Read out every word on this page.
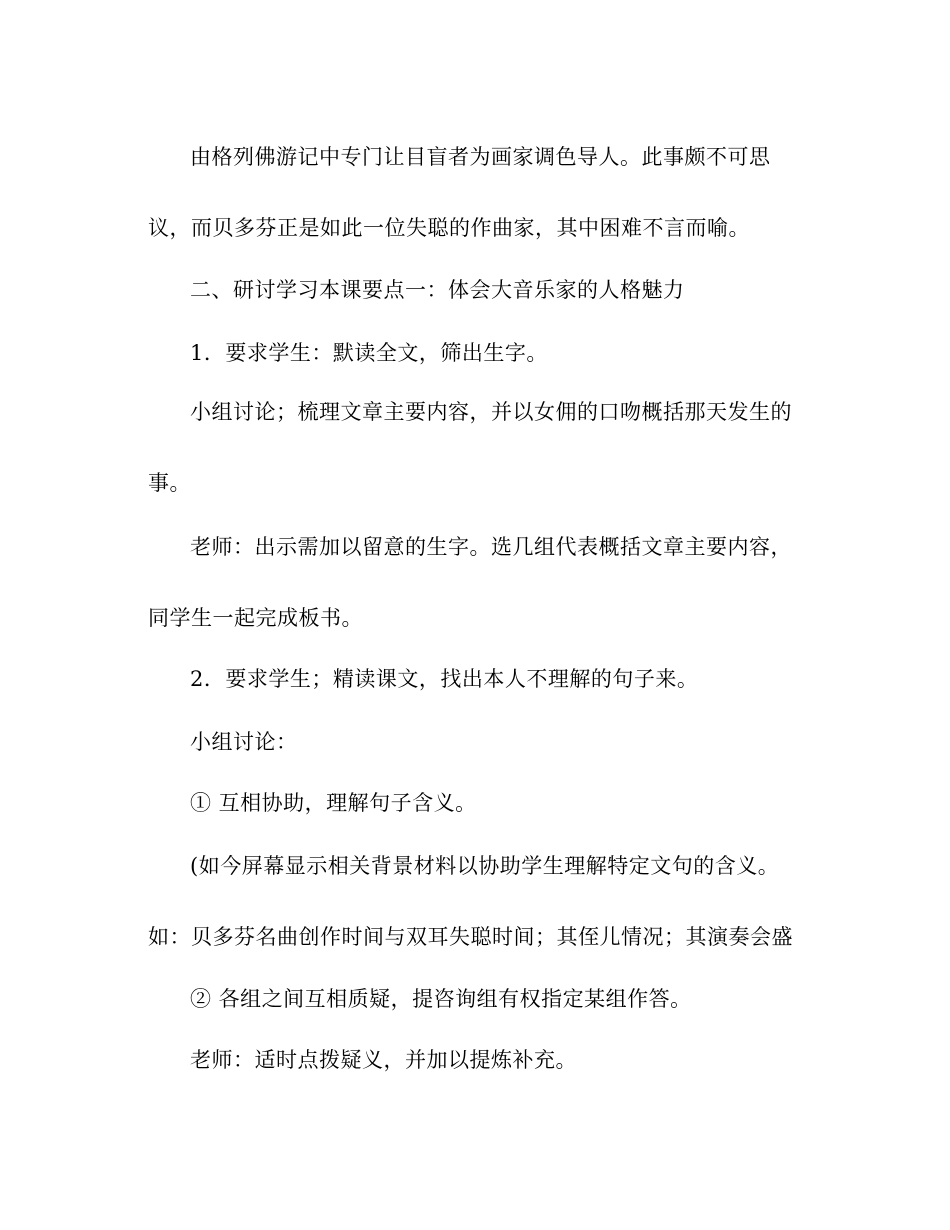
由格列佛游记中专门让目盲者为画家调色导人。此事颇不可思
议，而贝多芬正是如此一位失聪的作曲家，其中困难不言而喻。
二、研讨学习本课要点一：体会大音乐家的人格魅力
1．要求学生：默读全文，筛出生字。
小组讨论；梳理文章主要内容，并以女佣的口吻概括那天发生的
事。
老师：出示需加以留意的生字。选几组代表概括文章主要内容，
同学生一起完成板书。
2．要求学生；精读课文，找出本人不理解的句子来。
小组讨论：
① 互相协助，理解句子含义。
(如今屏幕显示相关背景材料以协助学生理解特定文句的含义。
如：贝多芬名曲创作时间与双耳失聪时间；其侄儿情况；其演奏会盛
② 各组之间互相质疑，提咨询组有权指定某组作答。
老师：适时点拨疑义，并加以提炼补充。
